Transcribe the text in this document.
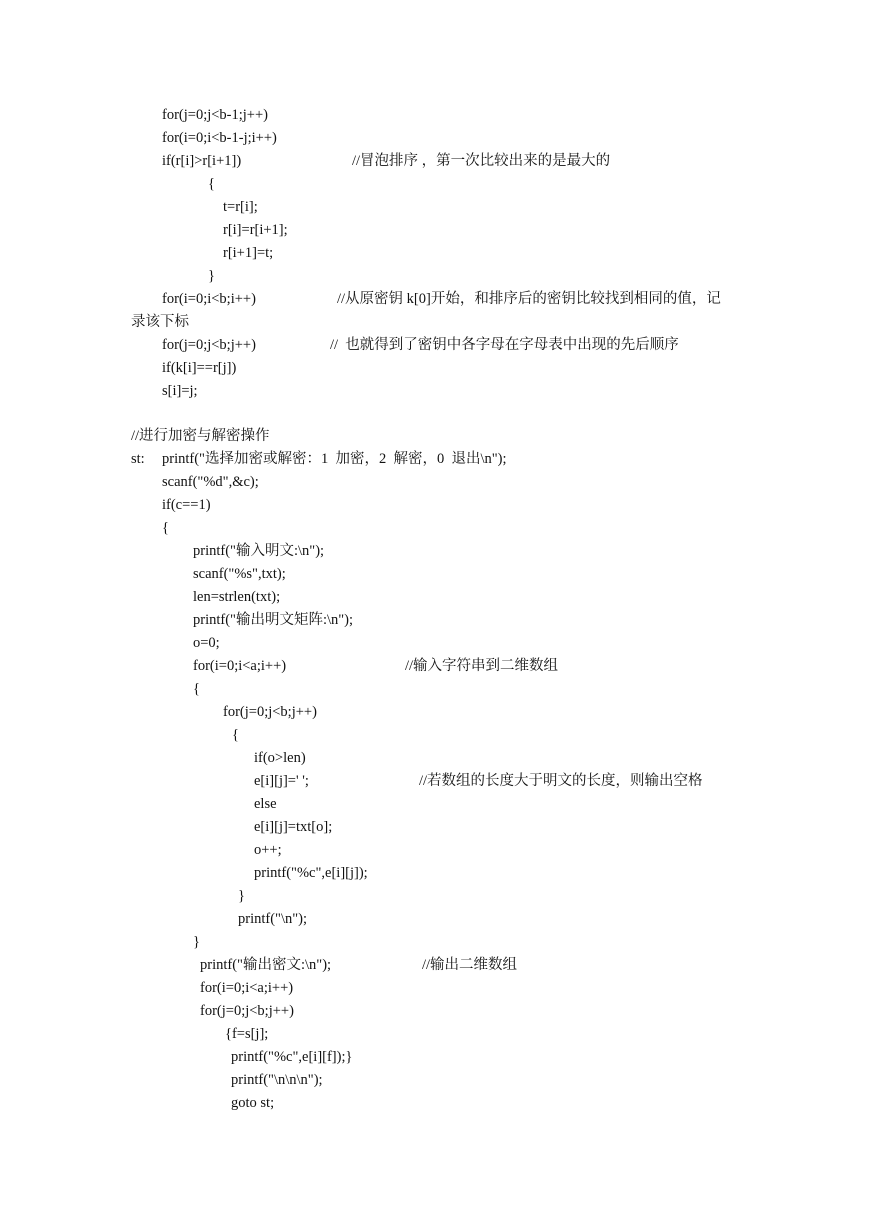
for(j=0;j<b-1;j++)
for(i=0;i<b-1-j;i++)
if(r[i]>r[i+1])	//冒泡排序 ，第一次比较出来的是最大的
{
t=r[i];
r[i]=r[i+1];
r[i+1]=t;
}
for(i=0;i<b;i++)	//从原密钥 k[0]开始，和排序后的密钥比较找到相同的值，记
录该下标
for(j=0;j<b;j++)	//  也就得到了密钥中各字母在字母表中出现的先后顺序
if(k[i]==r[j])
s[i]=j;
//进行加密与解密操作
st: printf("选择加密或解密：1  加密，2  解密，0  退出\n");
scanf("%d",&c);
if(c==1)
{
printf("输入明文:\n");
scanf("%s",txt);
len=strlen(txt);
printf("输出明文矩阵:\n");
o=0;
for(i=0;i<a;i++)	//输入字符串到二维数组
{
for(j=0;j<b;j++)
{
if(o>len)
e[i][j]=' ';	//若数组的长度大于明文的长度，则输出空格
else
e[i][j]=txt[o];
o++;
printf("%c",e[i][j]);
}
printf("\n");
}
printf("输出密文:\n");	//输出二维数组
for(i=0;i<a;i++)
for(j=0;j<b;j++)
{f=s[j];
printf("%c",e[i][f]);}
printf("\n\n\n");
goto st;
